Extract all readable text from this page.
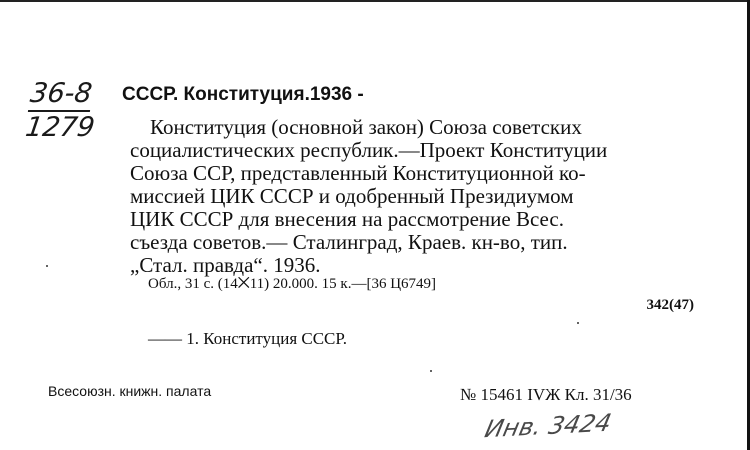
36-8
1279
СССР. Конституция.1936 -
Конституция (основной закон) Союза советских
социалистических республик.—Проект Конституции
Союза ССР, представленный Конституционной ко-
миссией ЦИК СССР и одобренный Президиумом
ЦИК СССР для внесения на рассмотрение Всес.
съезда советов.— Сталинград, Краев. кн-во, тип.
„Стал. правда“. 1936.
Обл., 31 с. (14⨉11) 20.000. 15 к.—[36 Ц6749]
342(47)
—— 1. Конституция СССР.
Всесоюзн. книжн. палата	№ 15461 IVЖ Кл. 31/36
Инв. 3424
